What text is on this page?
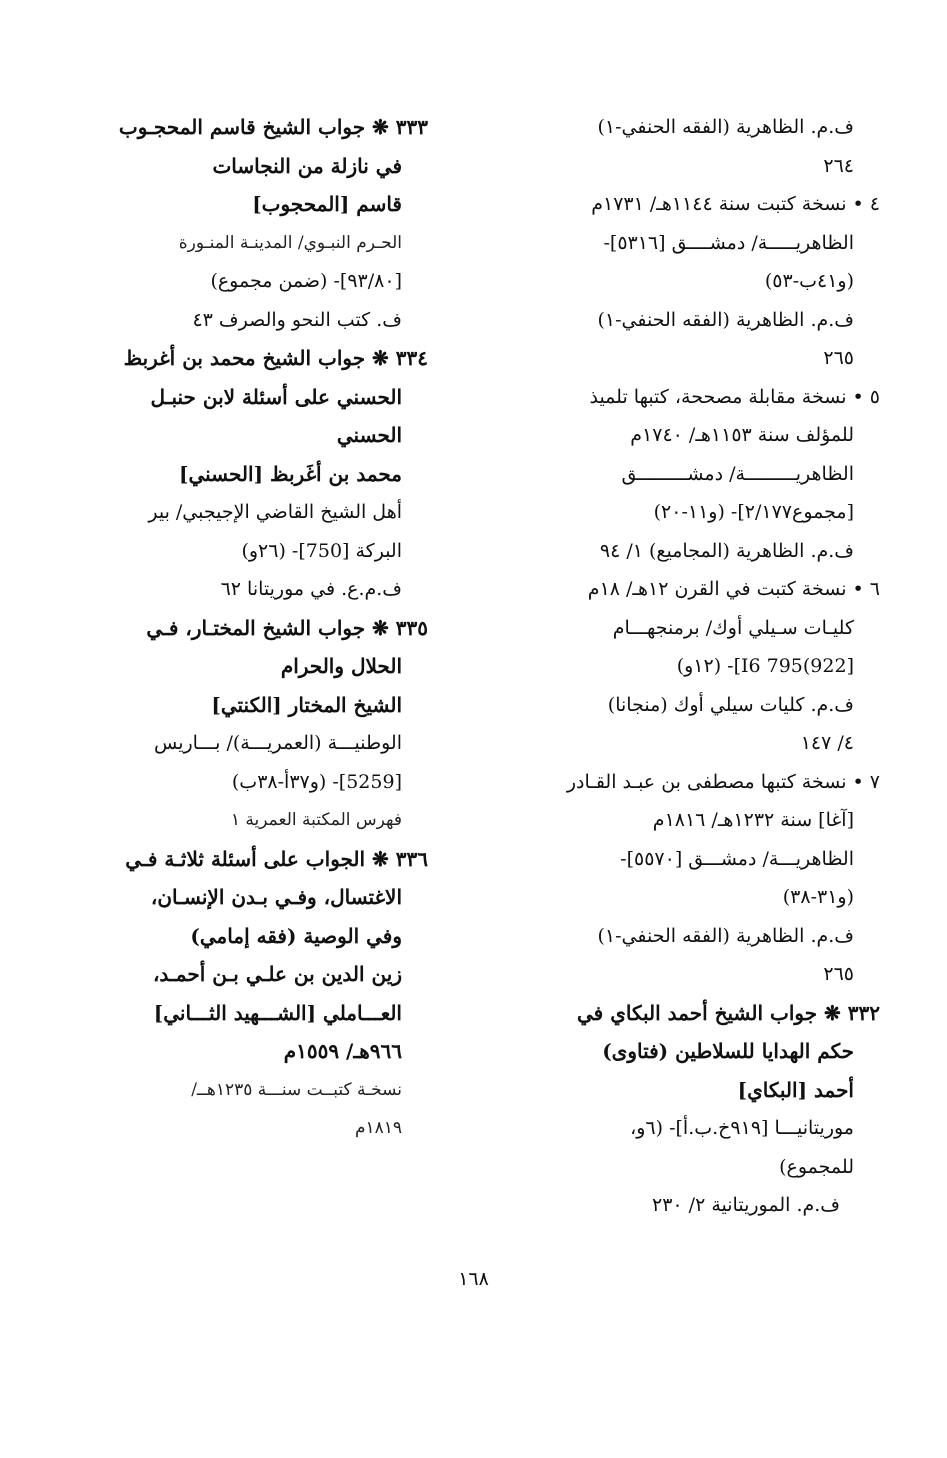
ف.م. الظاهرية (الفقه الحنفي-١)
٢٦٤
٤ • نسخة كتبت سنة ١١٤٤هـ/ ١٧٣١م
الظاهريـــــة/ دمشــــق [٥٣١٦]-
(و٤١ب-٥٣)
ف.م. الظاهرية (الفقه الحنفي-١)
٢٦٥
٥ • نسخة مقابلة مصححة، كتبها تلميذ
للمؤلف سنة ١١٥٣هـ/ ١٧٤٠م
الظاهريـــــــــة/ دمشـــــــــق
[مجموع٢/١٧٧]- (و١١-٢٠)
ف.م. الظاهرية (المجاميع) ١/ ٩٤
٦ • نسخة كتبت في القرن ١٢هـ/ ١٨م
كليـات سـيلي أوك/ برمنجهـــام
[I6 795(922]- (١٢و)
ف.م. كليات سيلي أوك (منجانا)
٤/ ١٤٧
٧ • نسخة كتبها مصطفى بن عبـد القـادر
[آغا] سنة ١٢٣٢هـ/ ١٨١٦م
الظاهريـــة/ دمشـــق [٥٥٧٠]-
(و٣١-٣٨)
ف.م. الظاهرية (الفقه الحنفي-١)
٢٦٥
٣٣٢ ❋ جواب الشيخ أحمد البكاي في
حكم الهدايا للسلاطين (فتاوى)
أحمد [البكاي]
موريتانيـــا [٩١٩خ.ب.أ]- (٦و،
للمجموع)
ف.م. الموريتانية ٢/ ٢٣٠
٣٣٣ ❋ جواب الشيخ قاسم المحجـوب
في نازلة من النجاسات
قاسم [المحجوب]
الحـرم النبـوي/ المدينـة المنـورة
[٩٣/٨٠]- (ضمن مجموع)
ف. كتب النحو والصرف ٤٣
٣٣٤ ❋ جواب الشيخ محمد بن أغربظ
الحسني على أسئلة لابن حنبـل
الحسني
محمد بن أغَربظ [الحسني]
أهل الشيخ القاضي الإجيجبي/ بير
البركة [750]- (٢٦و)
ف.م.ع. في موريتانا ٦٢
٣٣٥ ❋ جواب الشيخ المختـار، فـي
الحلال والحرام
الشيخ المختار [الكنتي]
الوطنيـــة (العمريـــة)/ بـــاريس
[5259]- (و٣٧أ-٣٨ب)
فهرس المكتبة العمرية ١
٣٣٦ ❋ الجواب على أسئلة ثلاثـة فـي
الاغتسال، وفـي بـدن الإنسـان،
وفي الوصية (فقه إمامي)
زين الدين بن علـي بـن أحمـد،
العـــاملي [الشـــهيد الثـــاني]
٩٦٦هـ/ ١٥٥٩م
نسخـة كتبــت سنـــة ١٢٣٥هــ/
١٨١٩م
١٦٨
